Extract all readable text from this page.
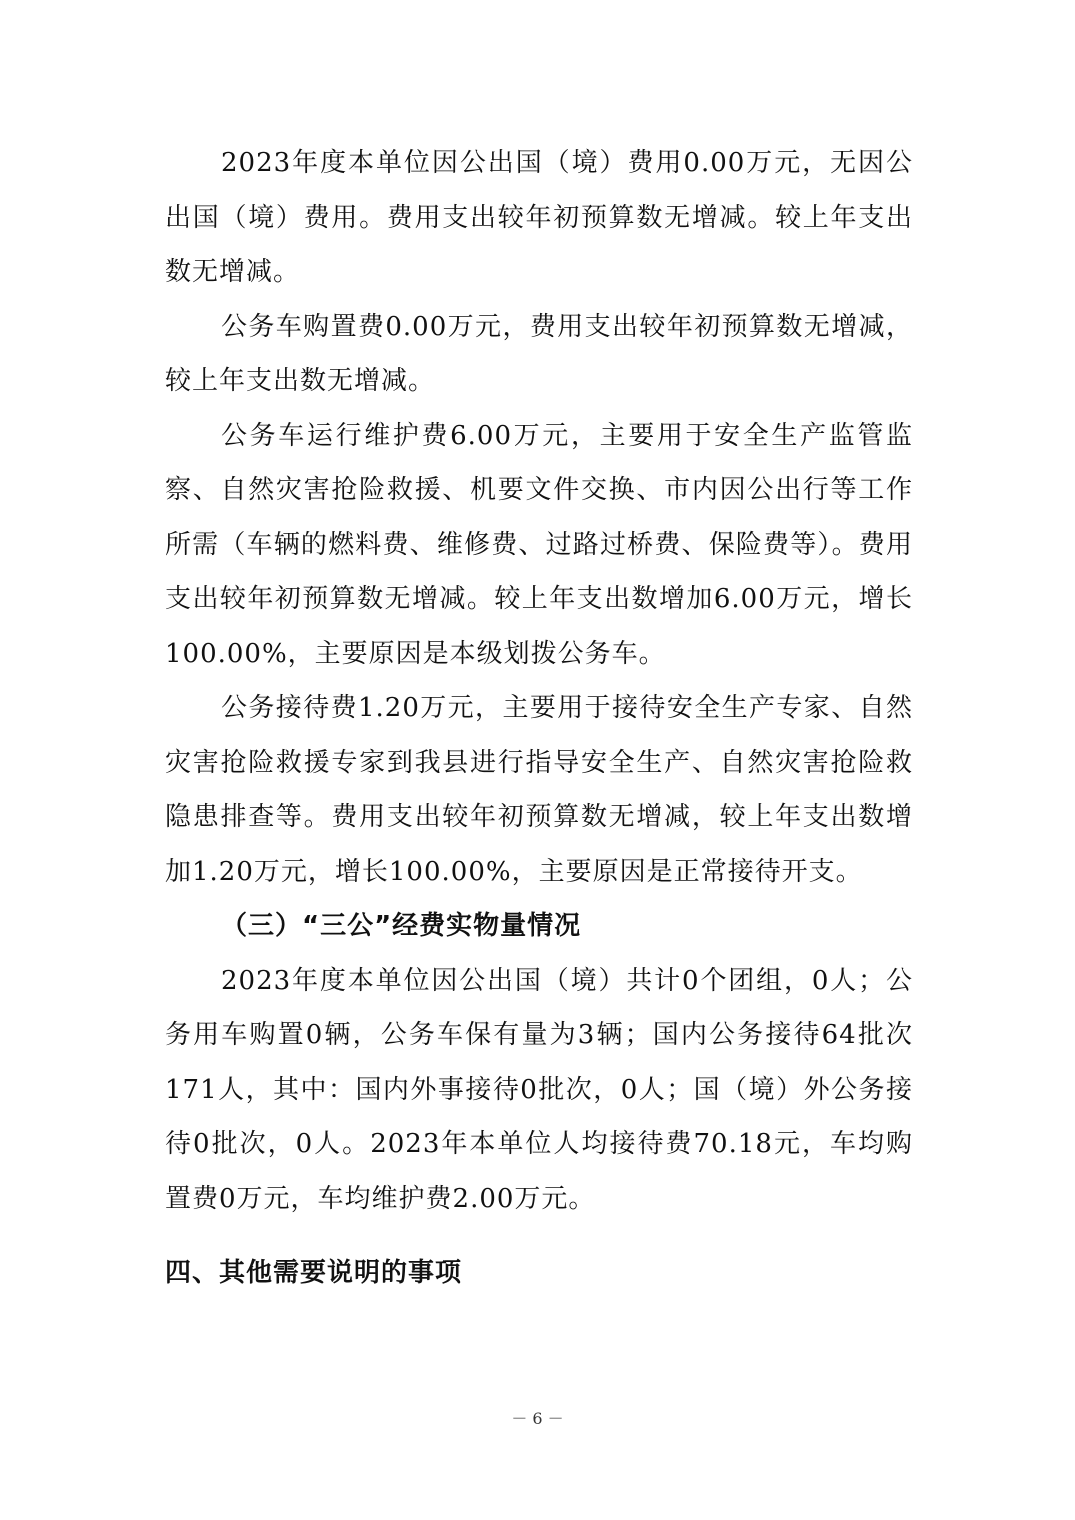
2023年度本单位因公出国（境）费用0.00万元，无因公出国（境）费用。费用支出较年初预算数无增减。较上年支出数无增减。

公务车购置费0.00万元，费用支出较年初预算数无增减，较上年支出数无增减。

公务车运行维护费6.00万元，主要用于安全生产监管监察、自然灾害抢险救援、机要文件交换、市内因公出行等工作所需（车辆的燃料费、维修费、过路过桥费、保险费等）。费用支出较年初预算数无增减。较上年支出数增加6.00万元，增长100.00%，主要原因是本级划拨公务车。

公务接待费1.20万元，主要用于接待安全生产专家、自然灾害抢险救援专家到我县进行指导安全生产、自然灾害抢险救隐患排查等。费用支出较年初预算数无增减，较上年支出数增加1.20万元，增长100.00%，主要原因是正常接待开支。

（三）“三公”经费实物量情况

2023年度本单位因公出国（境）共计0个团组，0人；公务用车购置0辆，公务车保有量为3辆；国内公务接待64批次171人，其中：国内外事接待0批次，0人；国（境）外公务接待0批次，0人。2023年本单位人均接待费70.18元，车均购置费0万元，车均维护费2.00万元。

四、其他需要说明的事项

－ 6 －
